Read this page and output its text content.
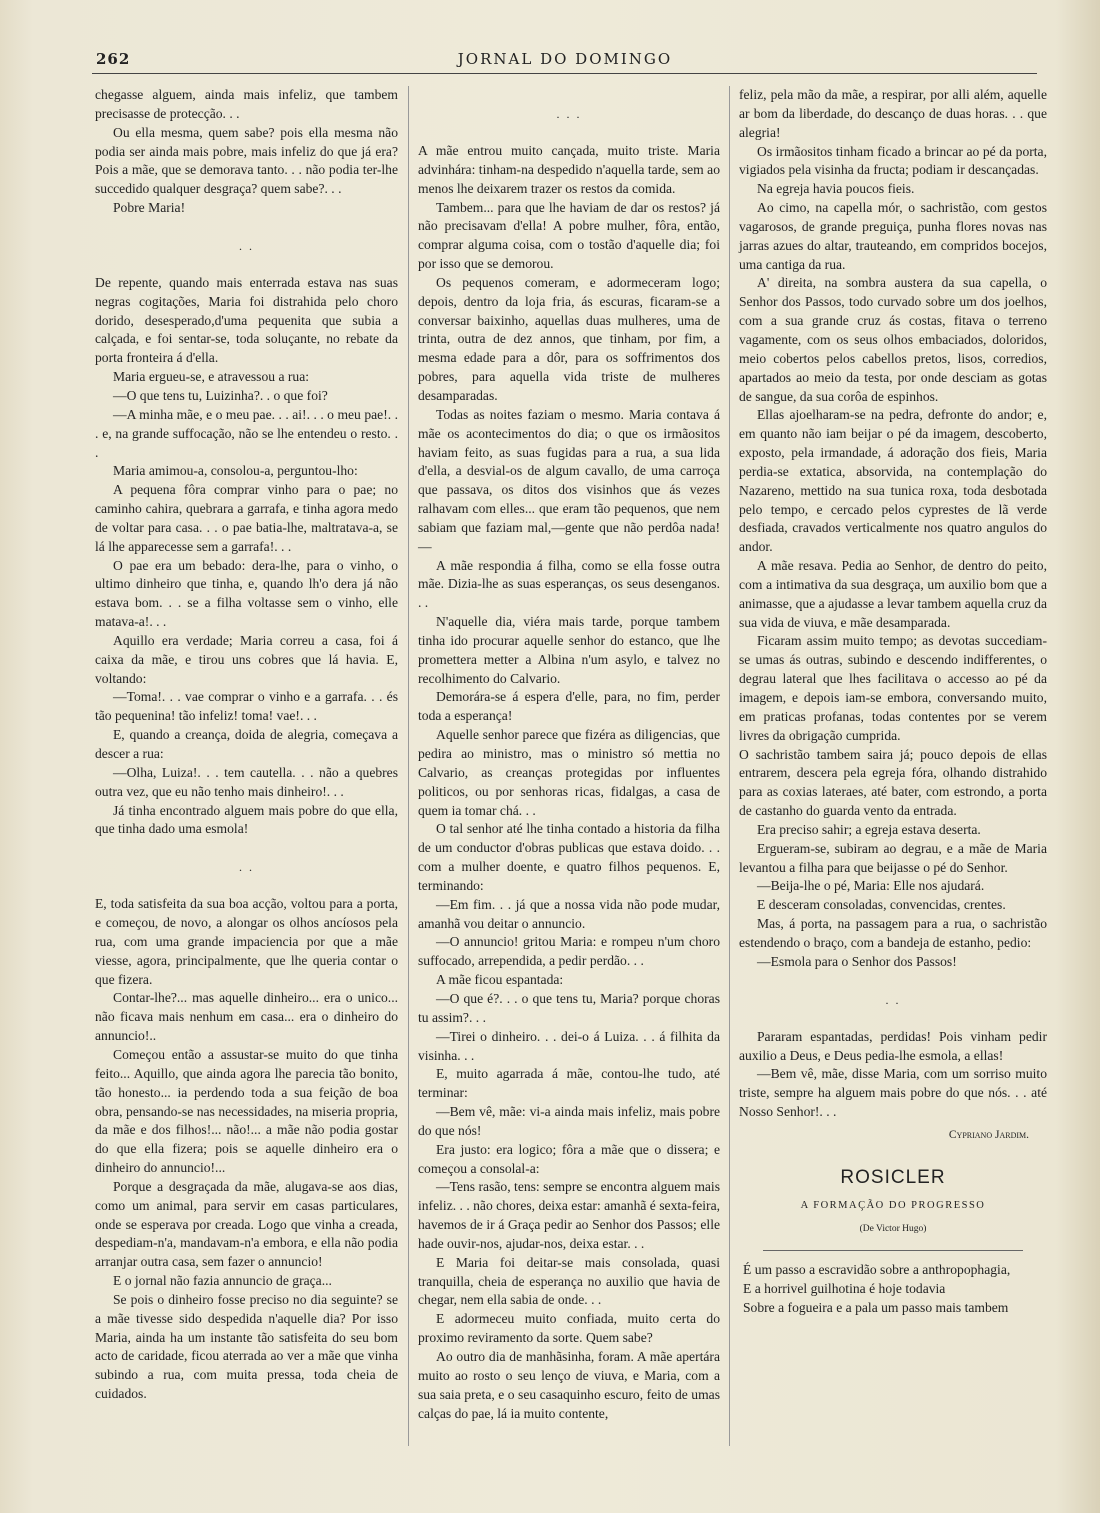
262	JORNAL DO DOMINGO

chegasse alguem, ainda mais infeliz, que tambem precisasse de protecção. . .

Ou ella mesma, quem sabe? pois ella mesma não podia ser ainda mais pobre, mais infeliz do que já era? Pois a mãe, que se demorava tanto. . . não podia ter-lhe succedido qualquer desgraça? quem sabe?. . .

Pobre Maria!

. .

De repente, quando mais enterrada estava nas suas negras cogitações, Maria foi distrahida pelo choro dorido, desesperado,d'uma pequenita que subia a calçada, e foi sentar-se, toda soluçante, no rebate da porta fronteira á d'ella.

Maria ergueu-se, e atravessou a rua:

—O que tens tu, Luizinha?. . o que foi?

—A minha mãe, e o meu pae. . . ai!. . . o meu pae!. . . e, na grande suffocação, não se lhe entendeu o resto. . .

Maria amimou-a, consolou-a, perguntou-lho:

A pequena fôra comprar vinho para o pae; no caminho cahira, quebrara a garrafa, e tinha agora medo de voltar para casa. . . o pae batia-lhe, maltratava-a, se lá lhe apparecesse sem a garrafa!. . .

O pae era um bebado: dera-lhe, para o vinho, o ultimo dinheiro que tinha, e, quando lh'o dera já não estava bom. . . se a filha voltasse sem o vinho, elle matava-a!. . .

Aquillo era verdade; Maria correu a casa, foi á caixa da mãe, e tirou uns cobres que lá havia. E, voltando:

—Toma!. . . vae comprar o vinho e a garrafa. . . és tão pequenina! tão infeliz! toma! vae!. . .

E, quando a creança, doida de alegria, começava a descer a rua:

—Olha, Luiza!. . . tem cautella. . . não a quebres outra vez, que eu não tenho mais dinheiro!. . .

Já tinha encontrado alguem mais pobre do que ella, que tinha dado uma esmola!

. .

E, toda satisfeita da sua boa acção, voltou para a porta, e começou, de novo, a alongar os olhos ancíosos pela rua, com uma grande impaciencia por que a mãe viesse, agora, principalmente, que lhe queria contar o que fizera.

Contar-lhe?... mas aquelle dinheiro... era o unico... não ficava mais nenhum em casa... era o dinheiro do annuncio!..

Começou então a assustar-se muito do que tinha feito... Aquillo, que ainda agora lhe parecia tão bonito, tão honesto... ia perdendo toda a sua feição de boa obra, pensando-se nas necessidades, na miseria propria, da mãe e dos filhos!... não!... a mãe não podia gostar do que ella fizera; pois se aquelle dinheiro era o dinheiro do annuncio!...

Porque a desgraçada da mãe, alugava-se aos dias, como um animal, para servir em casas particulares, onde se esperava por creada. Logo que vinha a creada, despediam-n'a, mandavam-n'a embora, e ella não podia arranjar outra casa, sem fazer o annuncio!

E o jornal não fazia annuncio de graça...

Se pois o dinheiro fosse preciso no dia seguinte? se a mãe tivesse sido despedida n'aquelle dia? Por isso Maria, ainda ha um instante tão satisfeita do seu bom acto de caridade, ficou aterrada ao ver a mãe que vinha subindo a rua, com muita pressa, toda cheia de cuidados.

. . .

A mãe entrou muito cançada, muito triste. Maria advinhára: tinham-na despedido n'aquella tarde, sem ao menos lhe deixarem trazer os restos da comida.

Tambem... para que lhe haviam de dar os restos? já não precisavam d'ella! A pobre mulher, fôra, então, comprar alguma coisa, com o tostão d'aquelle dia; foi por isso que se demorou.

Os pequenos comeram, e adormeceram logo; depois, dentro da loja fria, ás escuras, ficaram-se a conversar baixinho, aquellas duas mulheres, uma de trinta, outra de dez annos, que tinham, por fim, a mesma edade para a dôr, para os soffrimentos dos pobres, para aquella vida triste de mulheres desamparadas.

Todas as noites faziam o mesmo. Maria contava á mãe os acontecimentos do dia; o que os irmãositos haviam feito, as suas fugidas para a rua, a sua lida d'ella, a desvial-os de algum cavallo, de uma carroça que passava, os ditos dos visinhos que ás vezes ralhavam com elles... que eram tão pequenos, que nem sabiam que faziam mal,—gente que não perdôa nada!—

A mãe respondia á filha, como se ella fosse outra mãe. Dizia-lhe as suas esperanças, os seus desenganos. . .

N'aquelle dia, viéra mais tarde, porque tambem tinha ido procurar aquelle senhor do estanco, que lhe promettera metter a Albina n'um asylo, e talvez no recolhimento do Calvario.

Demorára-se á espera d'elle, para, no fim, perder toda a esperança!

Aquelle senhor parece que fizéra as diligencias, que pedira ao ministro, mas o ministro só mettia no Calvario, as creanças protegidas por influentes politicos, ou por senhoras ricas, fidalgas, a casa de quem ia tomar chá. . .

O tal senhor até lhe tinha contado a historia da filha de um conductor d'obras publicas que estava doido. . . com a mulher doente, e quatro filhos pequenos. E, terminando:

—Em fim. . . já que a nossa vida não pode mudar, amanhã vou deitar o annuncio.

—O annuncio! gritou Maria: e rompeu n'um choro suffocado, arrependida, a pedir perdão. . .

A mãe ficou espantada:

—O que é?. . . o que tens tu, Maria? porque choras tu assim?. . .

—Tirei o dinheiro. . . dei-o á Luiza. . . á filhita da visinha. . .

E, muito agarrada á mãe, contou-lhe tudo, até terminar:

—Bem vê, mãe: vi-a ainda mais infeliz, mais pobre do que nós!

Era justo: era logico; fôra a mãe que o dissera; e começou a consolal-a:

—Tens rasão, tens: sempre se encontra alguem mais infeliz. . . não chores, deixa estar: amanhã é sexta-feira, havemos de ir á Graça pedir ao Senhor dos Passos; elle hade ouvir-nos, ajudar-nos, deixa estar. . .

E Maria foi deitar-se mais consolada, quasi tranquilla, cheia de esperança no auxilio que havia de chegar, nem ella sabia de onde. . .

E adormeceu muito confiada, muito certa do proximo reviramento da sorte. Quem sabe?

Ao outro dia de manhãsinha, foram. A mãe apertára muito ao rosto o seu lenço de viuva, e Maria, com a sua saia preta, e o seu casaquinho escuro, feito de umas calças do pae, lá ia muito contente,

feliz, pela mão da mãe, a respirar, por alli além, aquelle ar bom da liberdade, do descanço de duas horas. . . que alegria!

Os irmãositos tinham ficado a brincar ao pé da porta, vigiados pela visinha da fructa; podiam ir descançadas.

Na egreja havia poucos fieis.

Ao cimo, na capella mór, o sachristão, com gestos vagarosos, de grande preguiça, punha flores novas nas jarras azues do altar, trauteando, em compridos bocejos, uma cantiga da rua.

A' direita, na sombra austera da sua capella, o Senhor dos Passos, todo curvado sobre um dos joelhos, com a sua grande cruz ás costas, fitava o terreno vagamente, com os seus olhos embaciados, doloridos, meio cobertos pelos cabellos pretos, lisos, corredios, apartados ao meio da testa, por onde desciam as gotas de sangue, da sua corôa de espinhos.

Ellas ajoelharam-se na pedra, defronte do andor; e, em quanto não iam beijar o pé da imagem, descoberto, exposto, pela irmandade, á adoração dos fieis, Maria perdia-se extatica, absorvida, na contemplação do Nazareno, mettido na sua tunica roxa, toda desbotada pelo tempo, e cercado pelos cyprestes de lã verde desfiada, cravados verticalmente nos quatro angulos do andor.

A mãe resava. Pedia ao Senhor, de dentro do peito, com a intimativa da sua desgraça, um auxilio bom que a animasse, que a ajudasse a levar tambem aquella cruz da sua vida de viuva, e mãe desamparada.

Ficaram assim muito tempo; as devotas succediam-se umas ás outras, subindo e descendo indifferentes, o degrau lateral que lhes facilitava o accesso ao pé da imagem, e depois iam-se embora, conversando muito, em praticas profanas, todas contentes por se verem livres da obrigação cumprida.

O sachristão tambem saira já; pouco depois de ellas entrarem, descera pela egreja fóra, olhando distrahido para as coxias lateraes, até bater, com estrondo, a porta de castanho do guarda vento da entrada.

Era preciso sahir; a egreja estava deserta.

Ergueram-se, subiram ao degrau, e a mãe de Maria levantou a filha para que beijasse o pé do Senhor.

—Beija-lhe o pé, Maria: Elle nos ajudará.

E desceram consoladas, convencidas, crentes.

Mas, á porta, na passagem para a rua, o sachristão estendendo o braço, com a bandeja de estanho, pedio:

—Esmola para o Senhor dos Passos!

. .

Pararam espantadas, perdidas! Pois vinham pedir auxilio a Deus, e Deus pedia-lhe esmola, a ellas!

—Bem vê, mãe, disse Maria, com um sorriso muito triste, sempre ha alguem mais pobre do que nós. . . até Nosso Senhor!. . .

Cypriano Jardim.
ROSICLER
A FORMAÇÃO DO PROGRESSO
(De Victor Hugo)

É um passo a escravidão sobre a anthropophagia,

E a horrivel guilhotina é hoje todavia

Sobre a fogueira e a pala um passo mais tambem
